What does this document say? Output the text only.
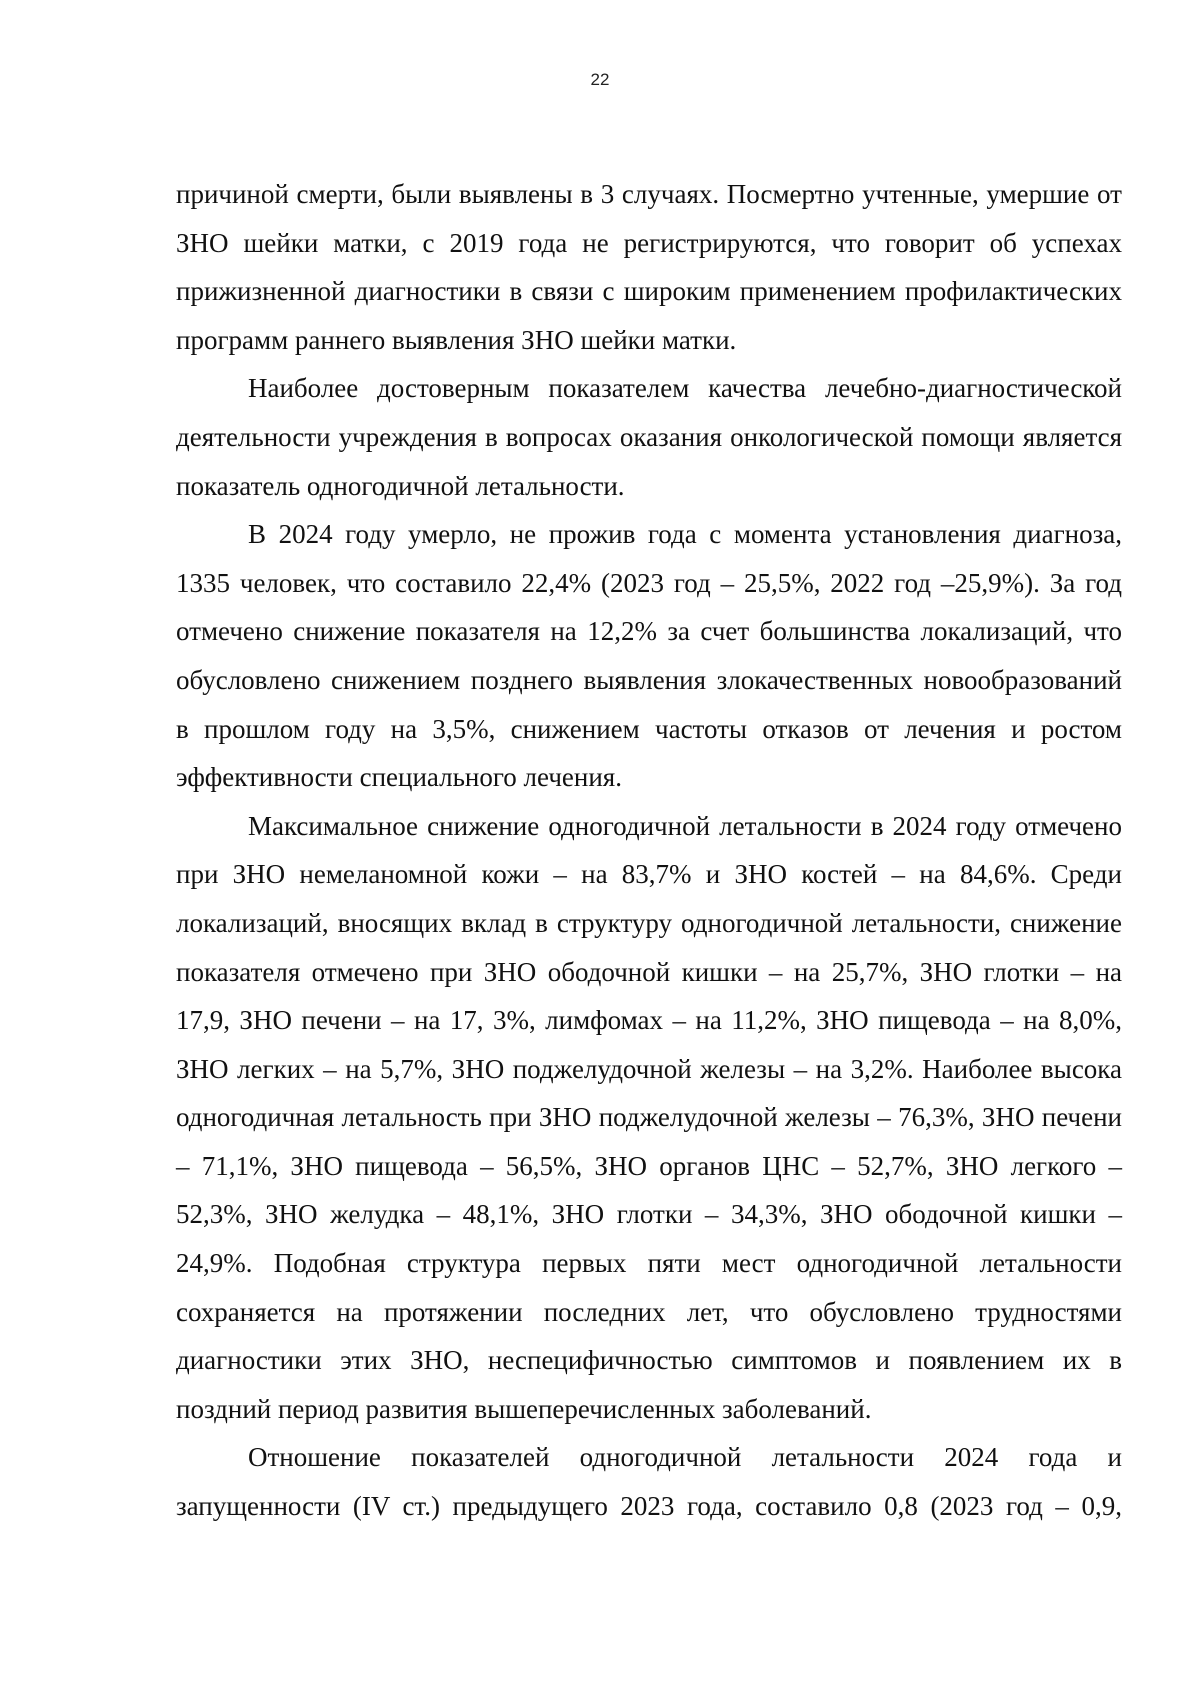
22

причиной смерти, были выявлены в 3 случаях. Посмертно учтенные, умершие от ЗНО шейки матки, с 2019 года не регистрируются, что говорит об успехах прижизненной диагностики в связи с широким применением профилактических программ раннего выявления ЗНО шейки матки.

Наиболее достоверным показателем качества лечебно-диагностической деятельности учреждения в вопросах оказания онкологической помощи является показатель одногодичной летальности.

В 2024 году умерло, не прожив года с момента установления диагноза, 1335 человек, что составило 22,4% (2023 год – 25,5%, 2022 год –25,9%). За год отмечено снижение показателя на 12,2% за счет большинства локализаций, что обусловлено снижением позднего выявления злокачественных новообразований в прошлом году на 3,5%, снижением частоты отказов от лечения и ростом эффективности специального лечения.

Максимальное снижение одногодичной летальности в 2024 году отмечено при ЗНО немеланомной кожи – на 83,7% и ЗНО костей – на 84,6%. Среди локализаций, вносящих вклад в структуру одногодичной летальности, снижение показателя отмечено при ЗНО ободочной кишки – на 25,7%, ЗНО глотки – на 17,9, ЗНО печени – на 17, 3%, лимфомах – на 11,2%, ЗНО пищевода – на 8,0%, ЗНО легких – на 5,7%, ЗНО поджелудочной железы – на 3,2%. Наиболее высока одногодичная летальность при ЗНО поджелудочной железы – 76,3%, ЗНО печени – 71,1%, ЗНО пищевода – 56,5%, ЗНО органов ЦНС – 52,7%, ЗНО легкого – 52,3%, ЗНО желудка – 48,1%, ЗНО глотки – 34,3%, ЗНО ободочной кишки – 24,9%. Подобная структура первых пяти мест одногодичной летальности сохраняется на протяжении последних лет, что обусловлено трудностями диагностики этих ЗНО, неспецифичностью симптомов и появлением их в поздний период развития вышеперечисленных заболеваний.

Отношение показателей одногодичной летальности 2024 года и запущенности (IV ст.) предыдущего 2023 года, составило 0,8 (2023 год – 0,9,
